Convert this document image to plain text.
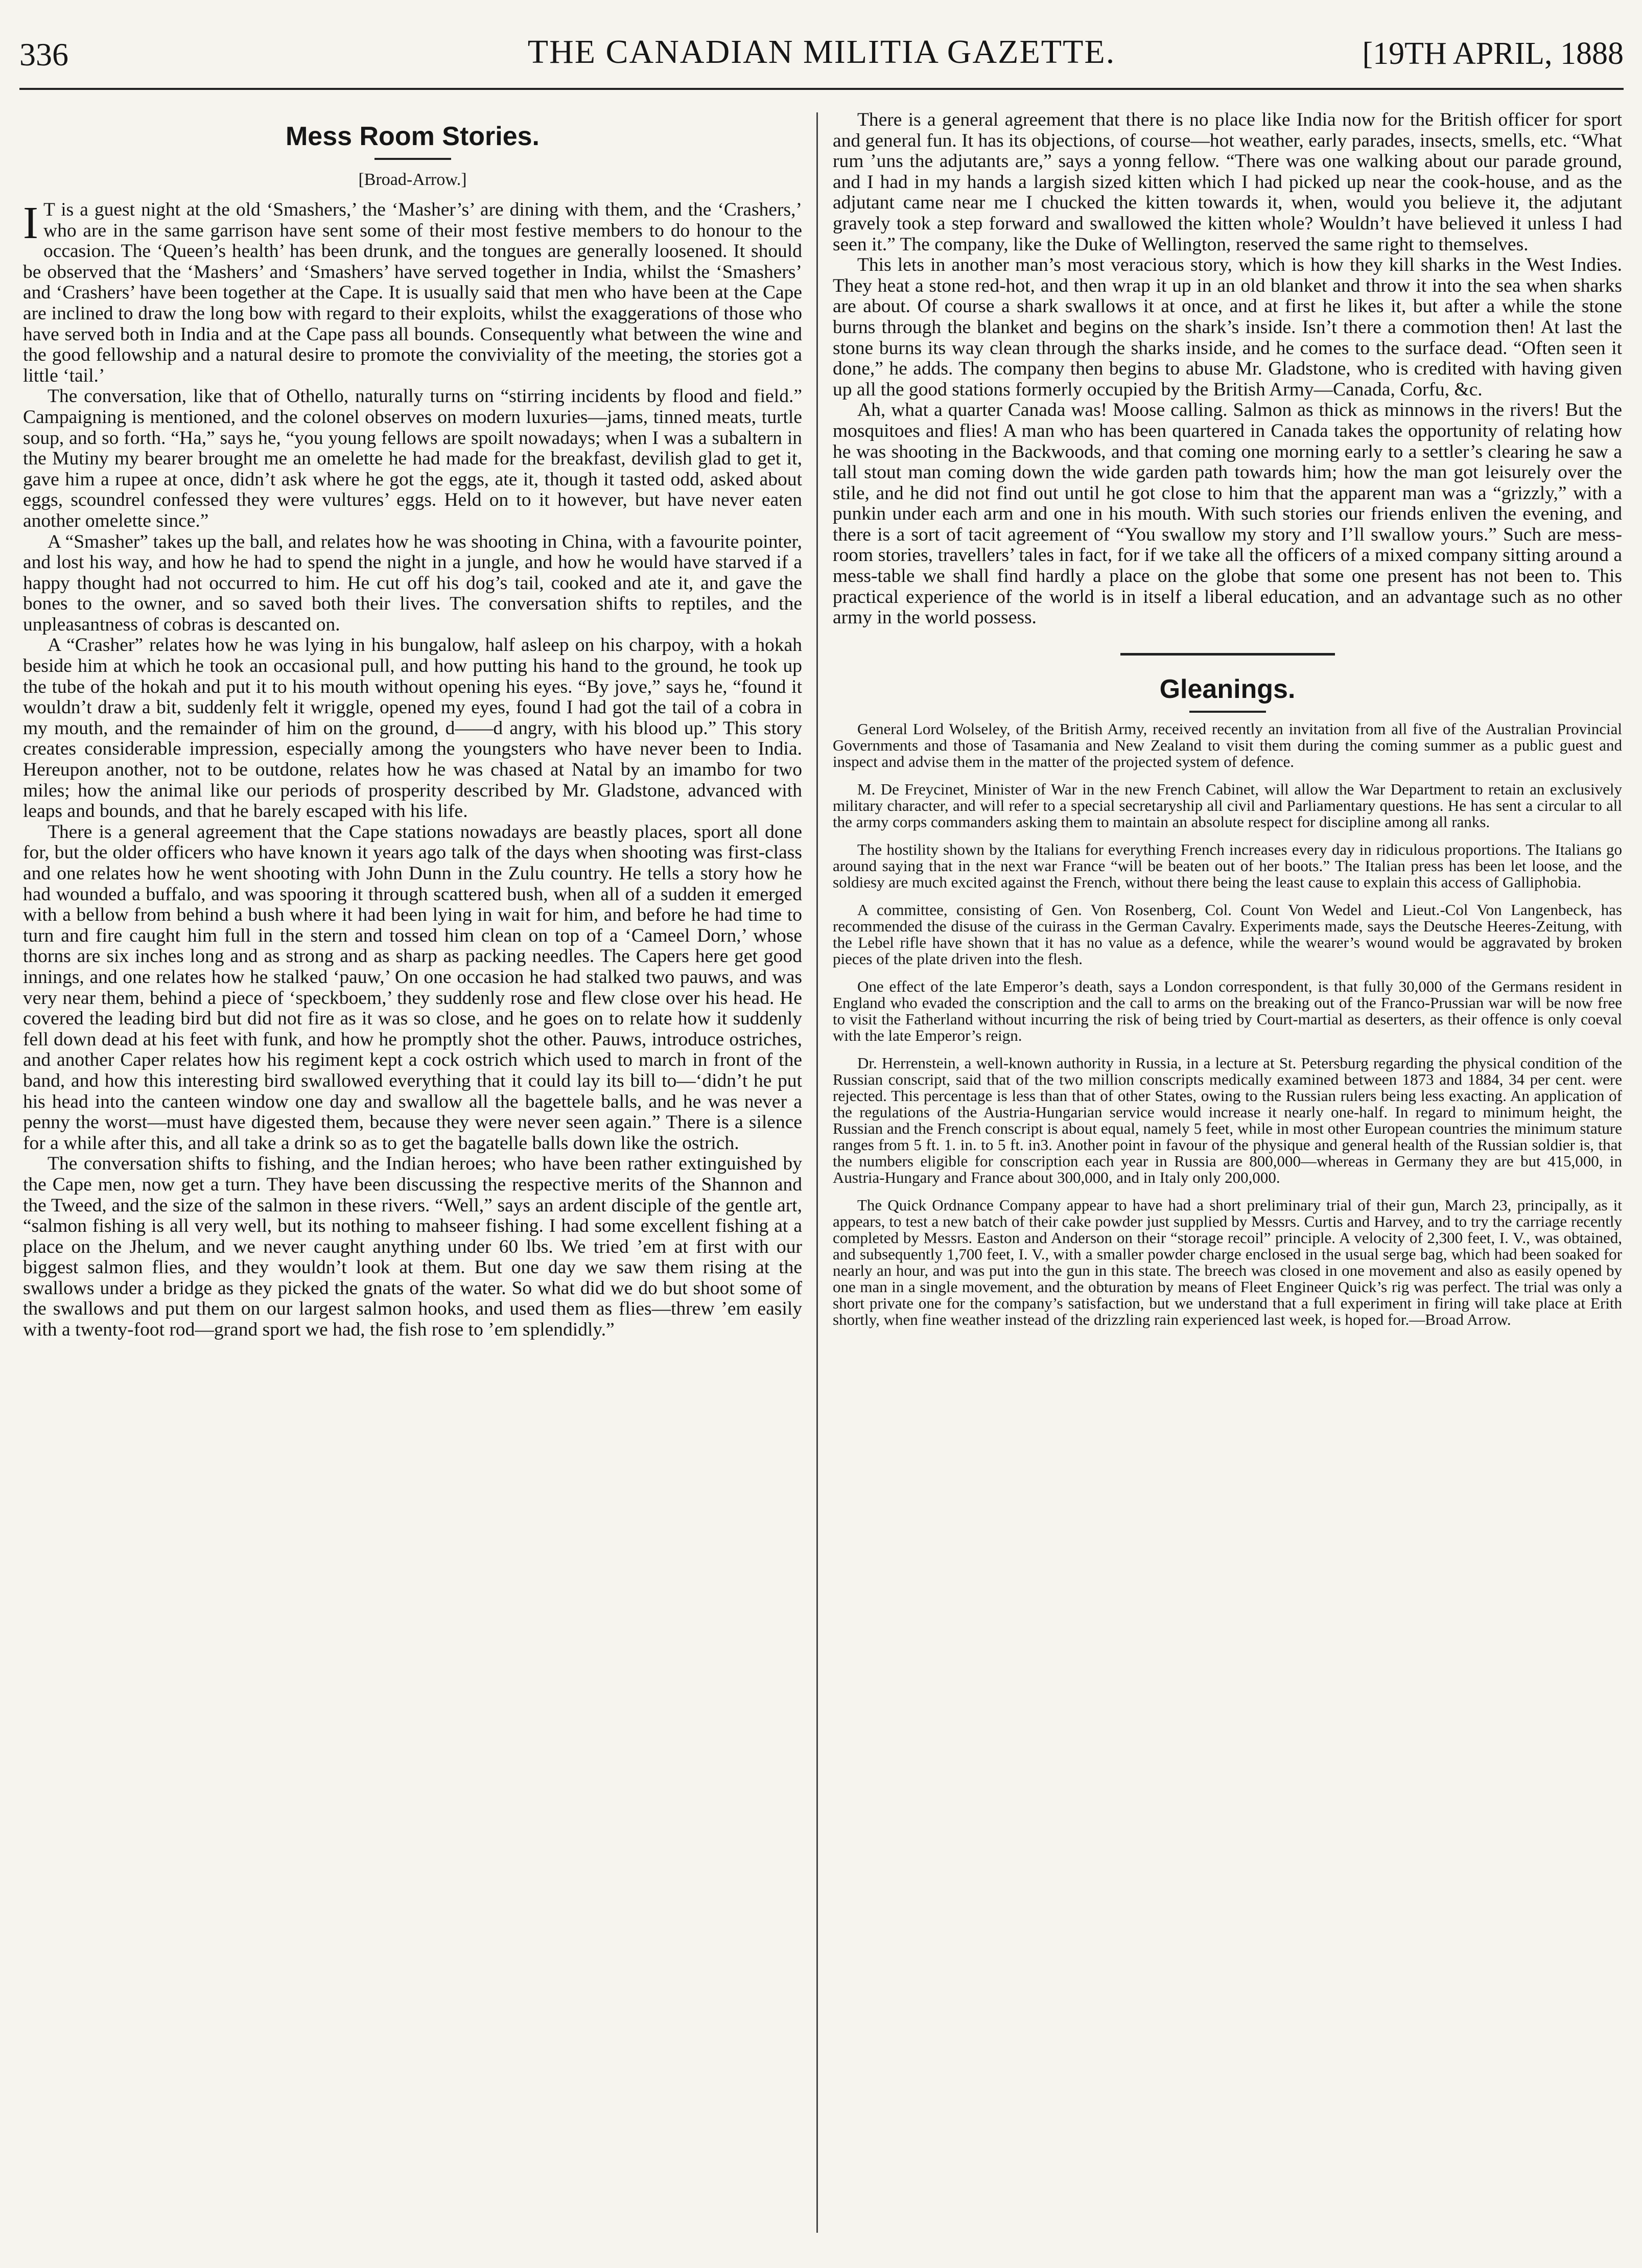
336	THE CANADIAN MILITIA GAZETTE.	[19TH APRIL, 1888
Mess Room Stories.
[Broad-Arrow.]

IT is a guest night at the old ‘Smashers,’ the ‘Masher’s’ are dining with them, and the ‘Crashers,’ who are in the same garrison have sent some of their most festive members to do honour to the occasion. The ‘Queen’s health’ has been drunk, and the tongues are generally loosened. It should be observed that the ‘Mashers’ and ‘Smashers’ have served together in India, whilst the ‘Smashers’ and ‘Crashers’ have been together at the Cape. It is usually said that men who have been at the Cape are inclined to draw the long bow with regard to their exploits, whilst the exaggerations of those who have served both in India and at the Cape pass all bounds. Consequently what between the wine and the good fellowship and a natural desire to promote the conviviality of the meeting, the stories got a little ‘tail.’

The conversation, like that of Othello, naturally turns on “stirring incidents by flood and field.” Campaigning is mentioned, and the colonel observes on modern luxuries—jams, tinned meats, turtle soup, and so forth. “Ha,” says he, “you young fellows are spoilt nowadays; when I was a subaltern in the Mutiny my bearer brought me an omelette he had made for the breakfast, devilish glad to get it, gave him a rupee at once, didn’t ask where he got the eggs, ate it, though it tasted odd, asked about eggs, scoundrel confessed they were vultures’ eggs. Held on to it however, but have never eaten another omelette since.”

A “Smasher” takes up the ball, and relates how he was shooting in China, with a favourite pointer, and lost his way, and how he had to spend the night in a jungle, and how he would have starved if a happy thought had not occurred to him. He cut off his dog’s tail, cooked and ate it, and gave the bones to the owner, and so saved both their lives. The conversation shifts to reptiles, and the unpleasantness of cobras is descanted on.

A “Crasher” relates how he was lying in his bungalow, half asleep on his charpoy, with a hokah beside him at which he took an occasional pull, and how putting his hand to the ground, he took up the tube of the hokah and put it to his mouth without opening his eyes. “By jove,” says he, “found it wouldn’t draw a bit, suddenly felt it wriggle, opened my eyes, found I had got the tail of a cobra in my mouth, and the remainder of him on the ground, d——d angry, with his blood up.” This story creates considerable impression, especially among the youngsters who have never been to India. Hereupon another, not to be outdone, relates how he was chased at Natal by an imambo for two miles; how the animal like our periods of prosperity described by Mr. Gladstone, advanced with leaps and bounds, and that he barely escaped with his life.

There is a general agreement that the Cape stations nowadays are beastly places, sport all done for, but the older officers who have known it years ago talk of the days when shooting was first-class and one relates how he went shooting with John Dunn in the Zulu country. He tells a story how he had wounded a buffalo, and was spooring it through scattered bush, when all of a sudden it emerged with a bellow from behind a bush where it had been lying in wait for him, and before he had time to turn and fire caught him full in the stern and tossed him clean on top of a ‘Cameel Dorn,’ whose thorns are six inches long and as strong and as sharp as packing needles. The Capers here get good innings, and one relates how he stalked ‘pauw,’ On one occasion he had stalked two pauws, and was very near them, behind a piece of ‘speckboem,’ they suddenly rose and flew close over his head. He covered the leading bird but did not fire as it was so close, and he goes on to relate how it suddenly fell down dead at his feet with funk, and how he promptly shot the other. Pauws, introduce ostriches, and another Caper relates how his regiment kept a cock ostrich which used to march in front of the band, and how this interesting bird swallowed everything that it could lay its bill to—‘didn’t he put his head into the canteen window one day and swallow all the bagettele balls, and he was never a penny the worst—must have digested them, because they were never seen again.” There is a silence for a while after this, and all take a drink so as to get the bagatelle balls down like the ostrich.

The conversation shifts to fishing, and the Indian heroes; who have been rather extinguished by the Cape men, now get a turn. They have been discussing the respective merits of the Shannon and the Tweed, and the size of the salmon in these rivers. “Well,” says an ardent disciple of the gentle art, “salmon fishing is all very well, but its nothing to mahseer fishing. I had some excellent fishing at a place on the Jhelum, and we never caught anything under 60 lbs. We tried ’em at first with our biggest salmon flies, and they wouldn’t look at them. But one day we saw them rising at the swallows under a bridge as they picked the gnats of the water. So what did we do but shoot some of the swallows and put them on our largest salmon hooks, and used them as flies—threw ’em easily with a twenty-foot rod—grand sport we had, the fish rose to ’em splendidly.”

There is a general agreement that there is no place like India now for the British officer for sport and general fun. It has its objections, of course—hot weather, early parades, insects, smells, etc. “What rum ’uns the adjutants are,” says a yonng fellow. “There was one walking about our parade ground, and I had in my hands a largish sized kitten which I had picked up near the cook-house, and as the adjutant came near me I chucked the kitten towards it, when, would you believe it, the adjutant gravely took a step forward and swallowed the kitten whole? Wouldn’t have believed it unless I had seen it.” The company, like the Duke of Wellington, reserved the same right to themselves.

This lets in another man’s most veracious story, which is how they kill sharks in the West Indies. They heat a stone red-hot, and then wrap it up in an old blanket and throw it into the sea when sharks are about. Of course a shark swallows it at once, and at first he likes it, but after a while the stone burns through the blanket and begins on the shark’s inside. Isn’t there a commotion then! At last the stone burns its way clean through the sharks inside, and he comes to the surface dead. “Often seen it done,” he adds. The company then begins to abuse Mr. Gladstone, who is credited with having given up all the good stations formerly occupied by the British Army—Canada, Corfu, &c.

Ah, what a quarter Canada was! Moose calling. Salmon as thick as minnows in the rivers! But the mosquitoes and flies! A man who has been quartered in Canada takes the opportunity of relating how he was shooting in the Backwoods, and that coming one morning early to a settler’s clearing he saw a tall stout man coming down the wide garden path towards him; how the man got leisurely over the stile, and he did not find out until he got close to him that the apparent man was a “grizzly,” with a punkin under each arm and one in his mouth. With such stories our friends enliven the evening, and there is a sort of tacit agreement of “You swallow my story and I’ll swallow yours.” Such are mess-room stories, travellers’ tales in fact, for if we take all the officers of a mixed company sitting around a mess-table we shall find hardly a place on the globe that some one present has not been to. This practical experience of the world is in itself a liberal education, and an advantage such as no other army in the world possess.

Gleanings.

General Lord Wolseley, of the British Army, received recently an invitation from all five of the Australian Provincial Governments and those of Tasamania and New Zealand to visit them during the coming summer as a public guest and inspect and advise them in the matter of the projected system of defence.

M. De Freycinet, Minister of War in the new French Cabinet, will allow the War Department to retain an exclusively military character, and will refer to a special secretaryship all civil and Parliamentary questions. He has sent a circular to all the army corps commanders asking them to maintain an absolute respect for discipline among all ranks.

The hostility shown by the Italians for everything French increases every day in ridiculous proportions. The Italians go around saying that in the next war France “will be beaten out of her boots.” The Italian press has been let loose, and the soldiesy are much excited against the French, without there being the least cause to explain this access of Galliphobia.

A committee, consisting of Gen. Von Rosenberg, Col. Count Von Wedel and Lieut.-Col Von Langenbeck, has recommended the disuse of the cuirass in the German Cavalry. Experiments made, says the Deutsche Heeres-Zeitung, with the Lebel rifle have shown that it has no value as a defence, while the wearer’s wound would be aggravated by broken pieces of the plate driven into the flesh.

One effect of the late Emperor’s death, says a London correspondent, is that fully 30,000 of the Germans resident in England who evaded the conscription and the call to arms on the breaking out of the Franco-Prussian war will be now free to visit the Fatherland without incurring the risk of being tried by Court-martial as deserters, as their offence is only coeval with the late Emperor’s reign.

Dr. Herrenstein, a well-known authority in Russia, in a lecture at St. Petersburg regarding the physical condition of the Russian conscript, said that of the two million conscripts medically examined between 1873 and 1884, 34 per cent. were rejected. This percentage is less than that of other States, owing to the Russian rulers being less exacting. An application of the regulations of the Austria-Hungarian service would increase it nearly one-half. In regard to minimum height, the Russian and the French conscript is about equal, namely 5 feet, while in most other European countries the minimum stature ranges from 5 ft. 1. in. to 5 ft. in3. Another point in favour of the physique and general health of the Russian soldier is, that the numbers eligible for conscription each year in Russia are 800,000—whereas in Germany they are but 415,000, in Austria-Hungary and France about 300,000, and in Italy only 200,000.

The Quick Ordnance Company appear to have had a short preliminary trial of their gun, March 23, principally, as it appears, to test a new batch of their cake powder just supplied by Messrs. Curtis and Harvey, and to try the carriage recently completed by Messrs. Easton and Anderson on their “storage recoil” principle. A velocity of 2,300 feet, I. V., was obtained, and subsequently 1,700 feet, I. V., with a smaller powder charge enclosed in the usual serge bag, which had been soaked for nearly an hour, and was put into the gun in this state. The breech was closed in one movement and also as easily opened by one man in a single movement, and the obturation by means of Fleet Engineer Quick’s rig was perfect. The trial was only a short private one for the company’s satisfaction, but we understand that a full experiment in firing will take place at Erith shortly, when fine weather instead of the drizzling rain experienced last week, is hoped for.—Broad Arrow.
